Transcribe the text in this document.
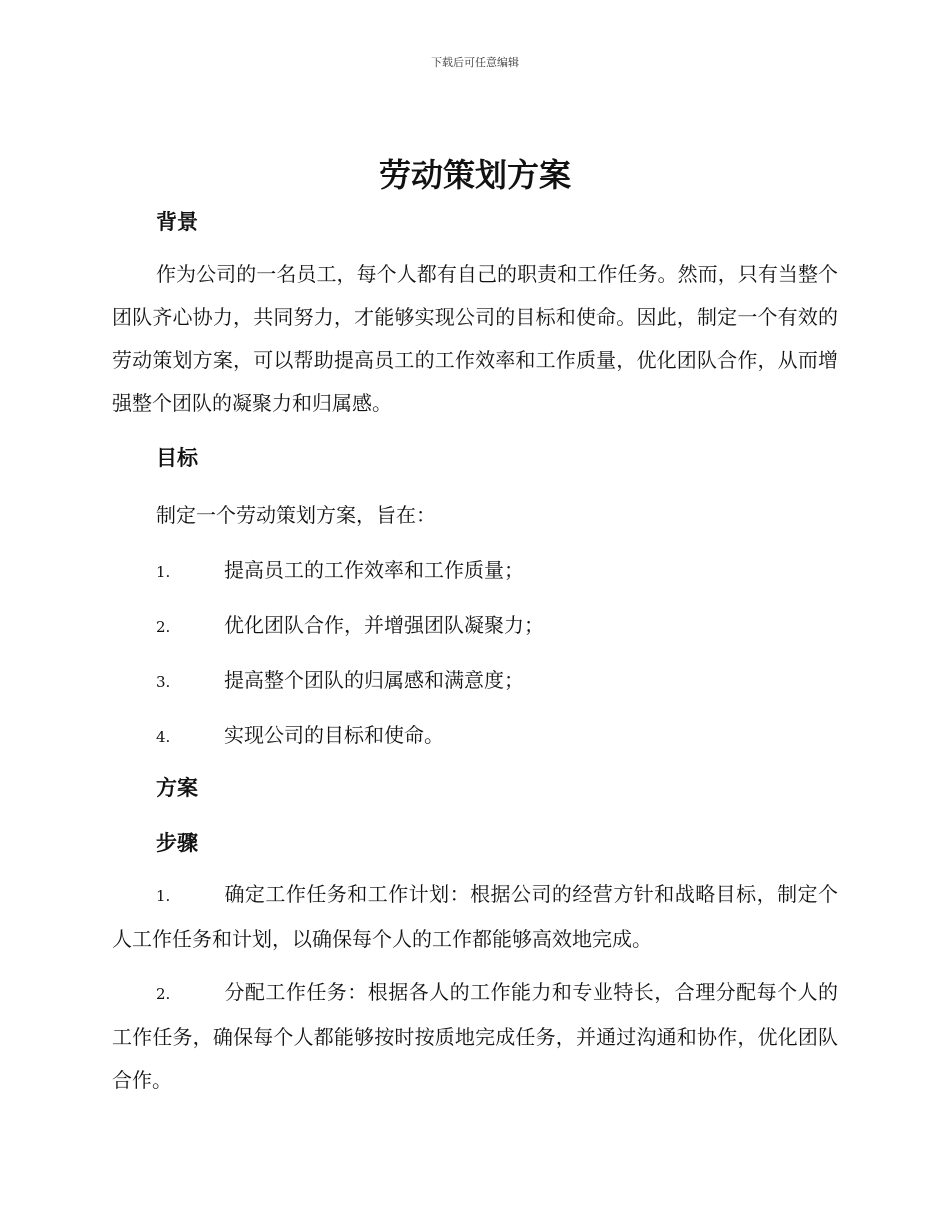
下载后可任意编辑
劳动策划方案
背景

作为公司的一名员工，每个人都有自己的职责和工作任务。然而，只有当整个团队齐心协力，共同努力，才能够实现公司的目标和使命。因此，制定一个有效的劳动策划方案，可以帮助提高员工的工作效率和工作质量，优化团队合作，从而增强整个团队的凝聚力和归属感。

目标

制定一个劳动策划方案，旨在：

1.	提高员工的工作效率和工作质量；
2.	优化团队合作，并增强团队凝聚力；
3.	提高整个团队的归属感和满意度；
4.	实现公司的目标和使命。
方案
步骤

1.	确定工作任务和工作计划：根据公司的经营方针和战略目标，制定个人工作任务和计划，以确保每个人的工作都能够高效地完成。

2.	分配工作任务：根据各人的工作能力和专业特长，合理分配每个人的工作任务，确保每个人都能够按时按质地完成任务，并通过沟通和协作，优化团队合作。
